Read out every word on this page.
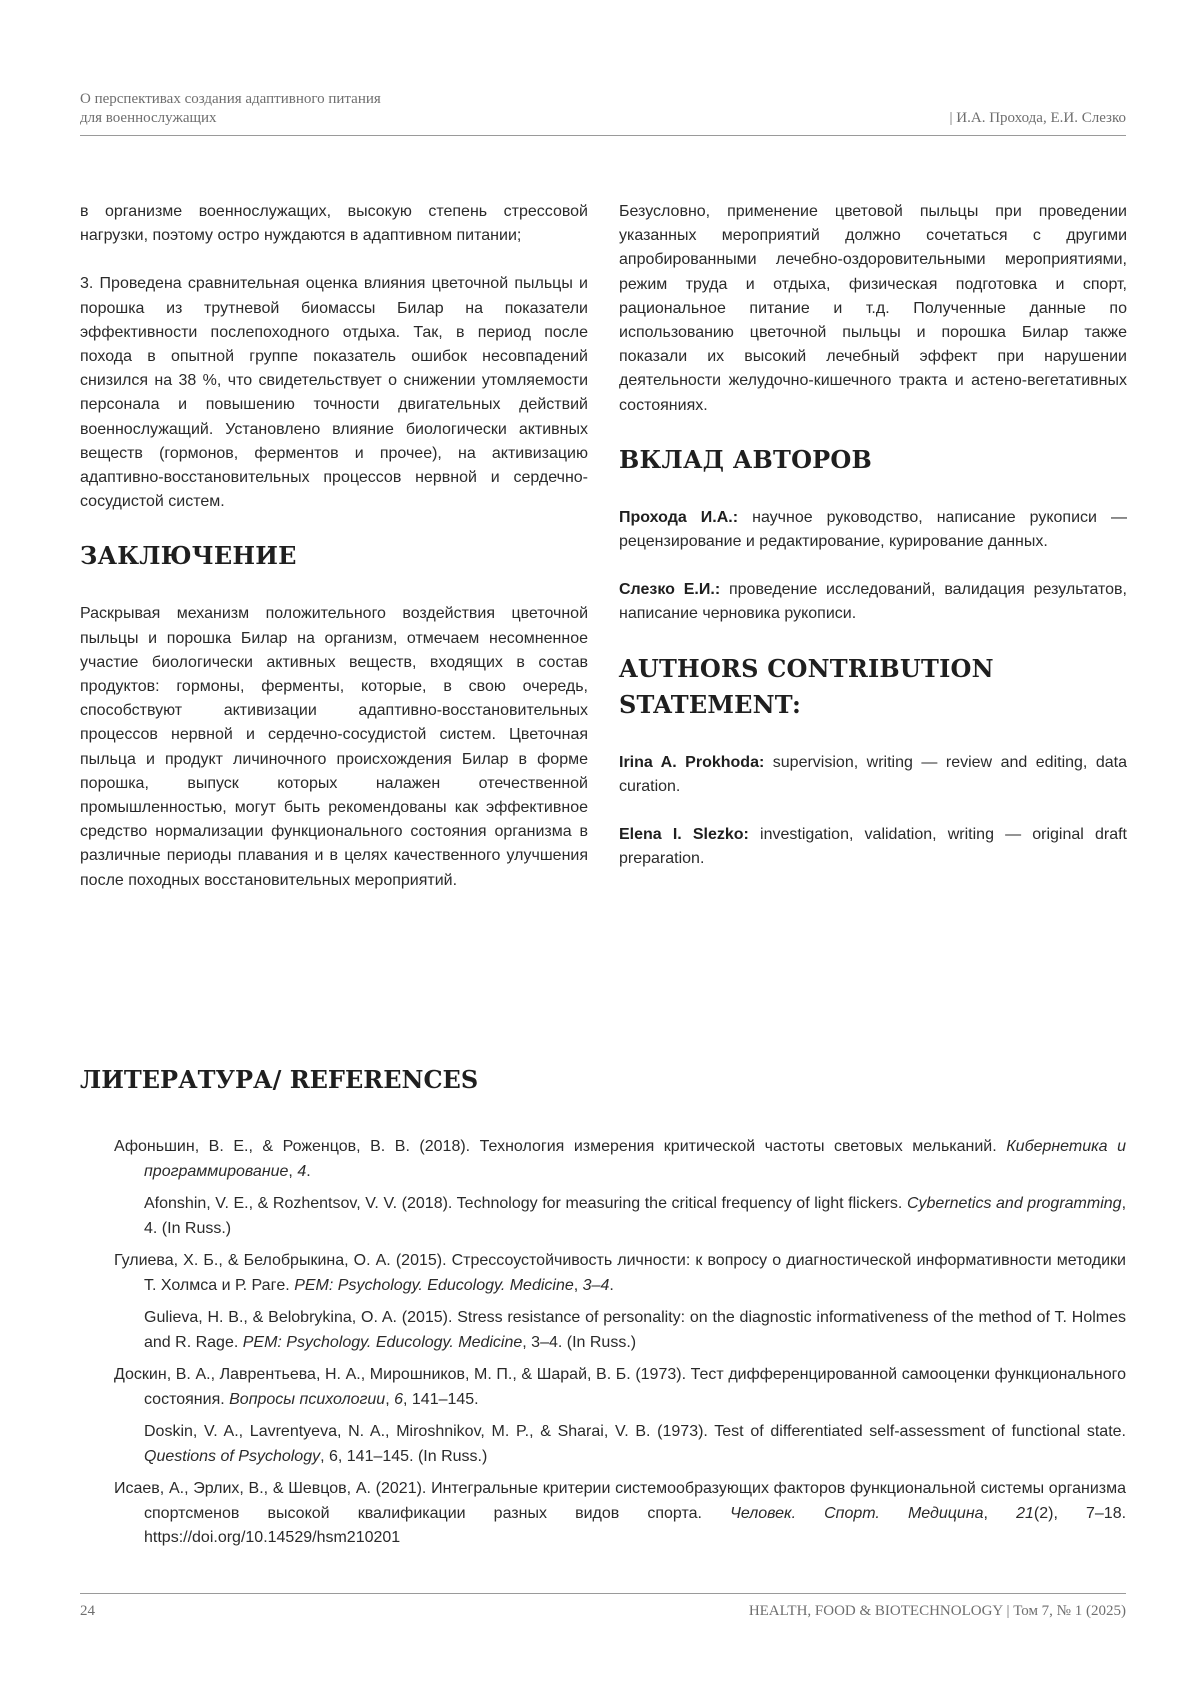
О перспективах создания адаптивного питания
для военнослужащих	| И.А. Прохода, Е.И. Слезко

в организме военнослужащих, высокую степень стрессовой нагрузки, поэтому остро нуждаются в адаптивном питании;

3. Проведена сравнительная оценка влияния цветочной пыльцы и порошка из трутневой биомассы Билар на показатели эффективности послепоходного отдыха. Так, в период после похода в опытной группе показатель ошибок несовпадений снизился на 38 %, что свидетельствует о снижении утомляемости персонала и повышению точности двигательных действий военнослужащий. Установлено влияние биологически активных веществ (гормонов, ферментов и прочее), на активизацию адаптивно-восстановительных процессов нервной и сердечно-сосудистой систем.

ЗАКЛЮЧЕНИЕ

Раскрывая механизм положительного воздействия цветочной пыльцы и порошка Билар на организм, отмечаем несомненное участие биологически активных веществ, входящих в состав продуктов: гормоны, ферменты, которые, в свою очередь, способствуют активизации адаптивно-восстановительных процессов нервной и сердечно-сосудистой систем. Цветочная пыльца и продукт личиночного происхождения Билар в форме порошка, выпуск которых налажен отечественной промышленностью, могут быть рекомендованы как эффективное средство нормализации функционального состояния организма в различные периоды плавания и в целях качественного улучшения после походных восстановительных мероприятий.

Безусловно, применение цветовой пыльцы при проведении указанных мероприятий должно сочетаться с другими апробированными лечебно-оздоровительными мероприятиями, режим труда и отдыха, физическая подготовка и спорт, рациональное питание и т.д. Полученные данные по использованию цветочной пыльцы и порошка Билар также показали их высокий лечебный эффект при нарушении деятельности желудочно-кишечного тракта и астено-вегетативных состояниях.

ВКЛАД АВТОРОВ

Прохода И.А.: научное руководство, написание рукописи — рецензирование и редактирование, курирование данных.

Слезко Е.И.: проведение исследований, валидация результатов, написание черновика рукописи.

AUTHORS CONTRIBUTION STATEMENT:

Irina A. Prokhoda: supervision, writing — review and editing, data curation.

Elena I. Slezko: investigation, validation, writing — original draft preparation.

ЛИТЕРАТУРА/ REFERENCES

Афоньшин, В. Е., & Роженцов, В. В. (2018). Технология измерения критической частоты световых мельканий. Кибернетика и программирование, 4.

Afonshin, V. E., & Rozhentsov, V. V. (2018). Technology for measuring the critical frequency of light flickers. Cybernetics and programming, 4. (In Russ.)

Гулиева, Х. Б., & Белобрыкина, О. А. (2015). Стрессоустойчивость личности: к вопросу о диагностической информативности методики Т. Холмса и Р. Рагe. PEM: Psychology. Educology. Medicine, 3–4.

Gulieva, H. B., & Belobrykina, O. A. (2015). Stress resistance of personality: on the diagnostic informativeness of the method of T. Holmes and R. Rage. PEM: Psychology. Educology. Medicine, 3–4. (In Russ.)

Доскин, В. А., Лаврентьева, Н. А., Мирошников, М. П., & Шарай, В. Б. (1973). Тест дифференцированной самооценки функционального состояния. Вопросы психологии, 6, 141–145.

Doskin, V. A., Lavrentyeva, N. A., Miroshnikov, M. P., & Sharai, V. B. (1973). Test of differentiated self-assessment of functional state. Questions of Psychology, 6, 141–145. (In Russ.)

Исаев, А., Эрлих, В., & Шевцов, А. (2021). Интегральные критерии системообразующих факторов функциональной системы организма спортсменов высокой квалификации разных видов спорта. Человек. Спорт. Медицина, 21(2), 7–18. https://doi.org/10.14529/hsm210201

24	HEALTH, FOOD & BIOTECHNOLOGY | Том 7, № 1 (2025)
